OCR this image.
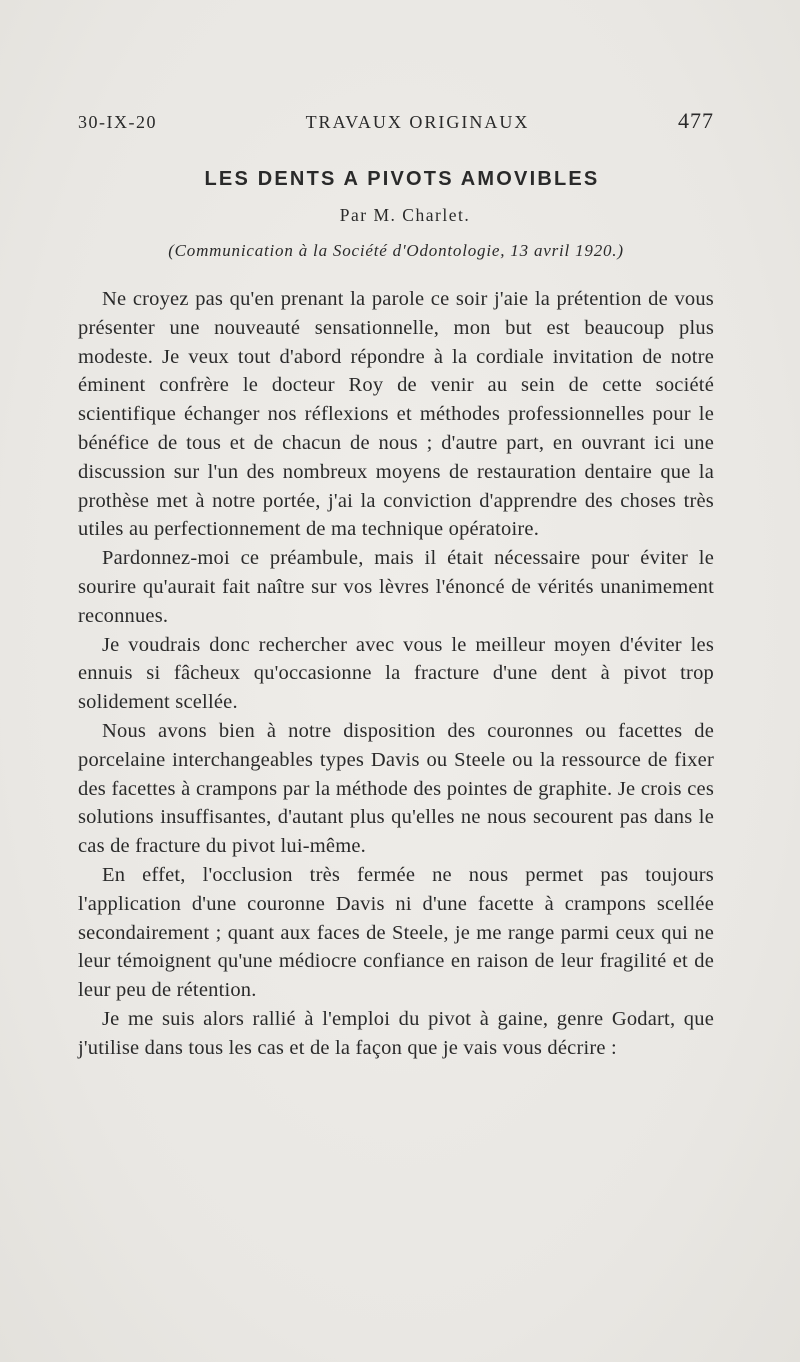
30-IX-20	TRAVAUX ORIGINAUX	477
LES DENTS A PIVOTS AMOVIBLES
Par M. Charlet.
(Communication à la Société d'Odontologie, 13 avril 1920.)

Ne croyez pas qu'en prenant la parole ce soir j'aie la prétention de vous présenter une nouveauté sensationnelle, mon but est beaucoup plus modeste. Je veux tout d'abord répondre à la cordiale invitation de notre éminent confrère le docteur Roy de venir au sein de cette société scientifique échanger nos réflexions et méthodes professionnelles pour le bénéfice de tous et de chacun de nous ; d'autre part, en ouvrant ici une discussion sur l'un des nombreux moyens de restauration dentaire que la prothèse met à notre portée, j'ai la conviction d'apprendre des choses très utiles au perfectionnement de ma technique opératoire.

Pardonnez-moi ce préambule, mais il était nécessaire pour éviter le sourire qu'aurait fait naître sur vos lèvres l'énoncé de vérités unanimement reconnues.

Je voudrais donc rechercher avec vous le meilleur moyen d'éviter les ennuis si fâcheux qu'occasionne la fracture d'une dent à pivot trop solidement scellée.

Nous avons bien à notre disposition des couronnes ou facettes de porcelaine interchangeables types Davis ou Steele ou la ressource de fixer des facettes à crampons par la méthode des pointes de graphite. Je crois ces solutions insuffisantes, d'autant plus qu'elles ne nous secourent pas dans le cas de fracture du pivot lui-même.

En effet, l'occlusion très fermée ne nous permet pas toujours l'application d'une couronne Davis ni d'une facette à crampons scellée secondairement ; quant aux faces de Steele, je me range parmi ceux qui ne leur témoignent qu'une médiocre confiance en raison de leur fragilité et de leur peu de rétention.

Je me suis alors rallié à l'emploi du pivot à gaine, genre Godart, que j'utilise dans tous les cas et de la façon que je vais vous décrire :
